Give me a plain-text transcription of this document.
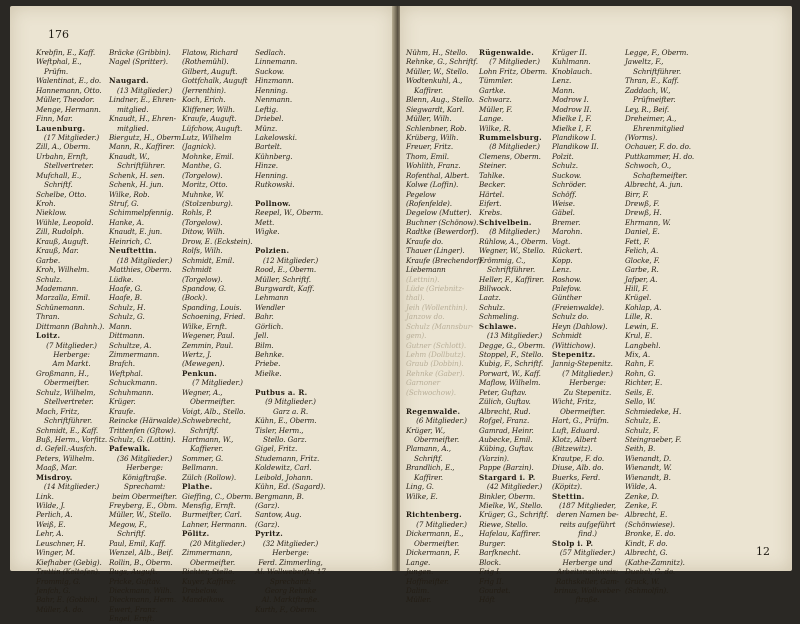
176
Krebfin, E., Kaff.
Weftphal, E.,
Prüfm.
Walentinat, E., do.
Hannemann, Otto.
Müller, Theodor.
Menge, Hermann.
Finn, Mar.
Lauenburg.
(17 Mitglieder.)
Zill, A., Oberm.
Urbahn, Ernft,
Stellvertreter.
Mufchall, E.,
Schriftf.
Schelbe, Otto.
Kroh.
Nieklow.
Wühle, Leopold.
Zill, Rudolph.
Krauß, Auguft.
Krauß, Mar.
Garbe.
Kroh, Wilhelm.
Schulz.
Mademann.
Marzalla, Emil.
Schünemann.
Thran.
Dittmann (Bahnh.).
Loitz.
(7 Mitglieder.)
Herberge:
Am Markt.
Großmann, H.,
Obermeifter.
Schulz, Wilhelm,
Stellvertreter.
Mach, Fritz,
Schriftführer.
Schmidt, E., Kaff.
Buß, Herm., Vorfitz.
d. Gefell.-Ausfch.
Peters, Wilhelm.
Maaß, Mar.
Misdroy.
(14 Mitglieder.)
Link.
Wilde, J.
Perlich, A.
Weiß, E.
Lehr, A.
Leuschner, H.
Winger, M.
Kiefhaber (Gebig).
Trettin (Koltofen).
Frommig, G.
Jenfch, G.
Bahr, E. (Gobbin).
Müller, A. do.
Bräcke (Gribbin).
Nagel (Spritter).
Naugard.
(13 Mitglieder.)
Lindner, E., Ehren-
mitglied.
Knaudt, H., Ehren-
mitglied.
Biergutz, H., Oberm.
Mann, R., Kaffirer.
Knaudt, W.,
Schriftführer.
Schenk, H. sen.
Schenk, H. jun.
Wilke, Rob.
Struf, G.
Schimmelpfennig.
Hanke, A.
Knaudt, E. jun.
Heinrich, C.
Neuftettin.
(18 Mitglieder.)
Matthies, Oberm.
Lüdke.
Haafe, G.
Haafe, B.
Schulz, H.
Schulz, G.
Mann.
Dittmann.
Schultze, A.
Zimmermann.
Brafch.
Weftphal.
Schuckmann.
Schuhmann.
Krüger.
Kraufe.
Reincke (Härwalde).
Trittenfen (Gftow).
Schulz, G. (Lottin).
Pafewalk.
(36 Mitglieder.)
Herberge:
Königftraße.
Sprechamt:
beim Obermeifter.
Freyberg, E., Obm.
Müller, W., Stello.
Megow, F.,
Schriftf.
Paul, Emil, Kaff.
Wenzel, Alb., Beif.
Rollin, B., Oberm.
Bugs, Auguft.
Pricke, Guftav.
Dieckmann, Wilh.
Dieckmann, Herm.
Ewert, Franz.
Engel, Ernft.
Flatow, Richard
(Rothemühl).
Gilbert, Auguft.
Gottfchalk, Auguft
(Jerrenthin).
Koch, Erich.
Kliffener, Wilh.
Kraufe, Auguft.
Lüfchow, Auguft.
Lutz, Wilhelm
(Jagnick).
Mohnke, Emil.
Manthe, G.
(Torgelow).
Moritz, Otto.
Muhnke, W.
(Stolzenburg).
Rohls, P.
(Torgelow).
Ditow, Wilh.
Drow, E. (Eckstein).
Rolfs, Wilh.
Schmidt, Emil.
Schmidt
(Torgelow).
Spandow, G.
(Bock).
Spanding, Louis.
Schoening, Fried.
Wilke, Ernft.
Wegener, Paul.
Zemmin, Paul.
Wertz, J.
(Mewegen).
Penkun.
(7 Mitglieder.)
Wegner, A.,
Obermeifter.
Voigt, Alb., Stello.
Schwebrecht,
Schriftf.
Hartmann, W.,
Kaffierer.
Sommer, G.
Bellmann.
Zülch (Rollow).
Plathe.
Gieffing, C., Oberm.
Mensfig, Ernft.
Burmeifter, Carl.
Lahner, Hermann.
Pölitz.
(20 Mitglieder.)
Zimmermann,
Obermeifter.
Richter, Stello.
Kuyer, Kaffirer.
Drebelow.
Mandelkow.
Sedlach.
Linnemann.
Suckow.
Hinzmann.
Henning.
Nenmann.
Leftig.
Driebel.
Münz.
Lakelowski.
Bartelt.
Kühnberg.
Hinze.
Henning.
Rutkowski.
Pollnow.
Reepel, W., Oberm.
Mett.
Wigke.
Polzien.
(12 Mitglieder.)
Rood, E., Oberm.
Müller, Schriftf.
Burgwardt, Kaff.
Lehmann
Wendler
Bahr.
Görlich.
Jell.
Bilm.
Behnke.
Priebe.
Mielke.
Putbus a. R.
(9 Mitglieder.)
Garz a. R.
Kühn, E., Oberm.
Tisler, Herm.,
Stello. Garz.
Gigel, Fritz.
Studemann, Fritz.
Koldewitz, Carl.
Leibold, Johann.
Kühn, Ed. (Sagard).
Bergmann, B.
(Garz).
Santow, Aug.
(Garz).
Pyritz.
(32 Mitglieder.)
Herberge:
Ferd. Zimmerling,
Al. Wollweberftr. 17
Sprechamt:
Georg Rehnke
Al. Marktftraße.
Kurth, F., Oberm.
Nühm, H., Stello.
Rehnke, G., Schriftf.
Müller, W., Stello.
Wodtenkuhl, A.,
Kaffirer.
Blenn, Aug., Stello.
Siegwardt, Karl.
Müller, Wilh.
Schlenbner, Rob.
Krüberg, Wilh.
Freuer, Fritz.
Thom, Emil.
Wohlith, Franz.
Rofenthal, Albert.
Kolwe (Loffin).
Pegelow
(Rofenfelde).
Degelow (Mutter).
Buchner (Schönow).
Radtke (Bewerdorf).
Kraufe do.
Thauer (Linger).
Kraufe (Brechendorf).
Liebemann
(Lettnin).
Lüde (Griebnitz-
thal).
Jeih (Wollenthin).
Janzow do.
Schulz (Mannsbur-
gem).
Gutner (Schlott).
Lehm (Dollbutz).
Graub (Dobbin).
Rehnke (Gaber).
Garnoner
(Schwochow).
Regenwalde.
(6 Mitglieder.)
Krüger, W.,
Obermeifter.
Plamann, A.,
Schriftf.
Brandlich, E.,
Kaffirer.
Ling, G.
Wilke, E.
Richtenberg.
(7 Mitglieder.)
Dickermann, E.,
Obermeifter.
Dickermann, F.
Lange.
Jungen.
Hoffmeifter.
Dalim.
Müller.
Rügenwalde.
(7 Mitglieder.)
Lohn Fritz, Oberm.
Tümmler.
Gartke.
Schwarz.
Müller, F.
Lange.
Wilke, R.
Rummelsburg.
(8 Mitglieder.)
Clemens, Oberm.
Steiner.
Tahlke.
Becker.
Härtel.
Eifert.
Krebs.
Schivelbein.
(8 Mitglieder.)
Rühlow, A., Oberm.
Wegner, W., Stello.
Frömmig, C.,
Schriftführer.
Heller, F., Kaffirer.
Billwock.
Laatz.
Schulz.
Schmeling.
Schlawe.
(13 Mitglieder.)
Degge, G., Oberm.
Stoppel, F., Stello.
Kubig, F., Schriftf.
Porwart, W., Kaff.
Maflow, Wilhelm.
Peter, Guftav.
Zülich, Guftav.
Albrecht, Rud.
Rofgel, Franz.
Gamrad, Heinr.
Aubecke, Emil.
Kübing, Guftav.
(Varzin).
Pappe (Barzin).
Stargard i. P.
(42 Mitglieder.)
Binkler, Oberm.
Mielke, W., Stello.
Krüger, G., Schriftf.
Riewe, Stello.
Hafelau, Kaffirer.
Burger.
Barfknecht.
Block.
Frig I.
Frig II.
Gourdet.
Höft
Krüger II.
Kuhlmann.
Knoblauch.
Lenz.
Mann.
Modrow I.
Modrow II.
Mielke I, F.
Mielke I, F.
Plandikow I.
Plandikow II.
Polzit.
Schulz.
Suckow.
Schröder.
Schöff.
Weise.
Gäbel.
Bremer.
Marohn.
Vogt.
Rückert.
Kopp.
Lenz.
Roshow.
Palefow.
Günther
(Freienwalde).
Schulz do.
Heyn (Dahlow).
Schmidt
(Wittichow).
Stepenitz.
Jannig-Stepenitz.
(7 Mitglieder.)
Herberge:
Zu Stepenitz.
Wicht, Fritz,
Obermeifter.
Hart, G., Prüfm.
Luft, Eduard.
Klotz, Albert
(Bitzewitz).
Krautpe, F. do.
Diuse, Alb. do.
Buerks, Ferd.
(Köpitz).
Stettin.
(187 Mitglieder,
deren Namen be-
reits aufgeführt
find.)
Stolp i. P.
(57 Mitglieder.)
Herberge und
Arbeitsnachweis:
Rathskeller, Gam-
brinus, Wollweber-
ftraße.
Legge, F., Oberm.
Jaweltz, F.,
Schriftführer.
Thran, E., Kaff.
Zaddach, W.,
Prüfmeifter.
Ley, R., Beif.
Dreheimer, A.,
Ehrenmitglied
(Worms).
Ochauer, F. do. do.
Puttkammer, H. do.
Schwoch, O.,
Schaftemeifter.
Albrecht, A. jun.
Birr, F.
Drewß, F.
Drewß, H.
Ehrmann, W.
Daniel, E.
Fett, F.
Felich, A.
Glocke, F.
Garbe, R.
Jafper, A.
Hill, F.
Krügel.
Kohlap, A.
Lille, R.
Lewin, E.
Krul, E.
Langbehl.
Mix, A.
Rahn, F.
Rohn, G.
Richter, E.
Seils, E.
Sello, W.
Schmiedeke, H.
Schulz, E.
Schulz, F.
Steingraeber, F.
Seith, B.
Wienandt, D.
Wienandt, W.
Wienandt, B.
Wilde, A.
Zenke, D.
Zenke, F.
Albrecht, E.
(Schönwiese).
Bronke, E. do.
Kindt, F. do.
Albrecht, G.
(Kathe-Zamnitz).
Duebel, G. do.
Gruck, W.
(Schmolfin).
12
